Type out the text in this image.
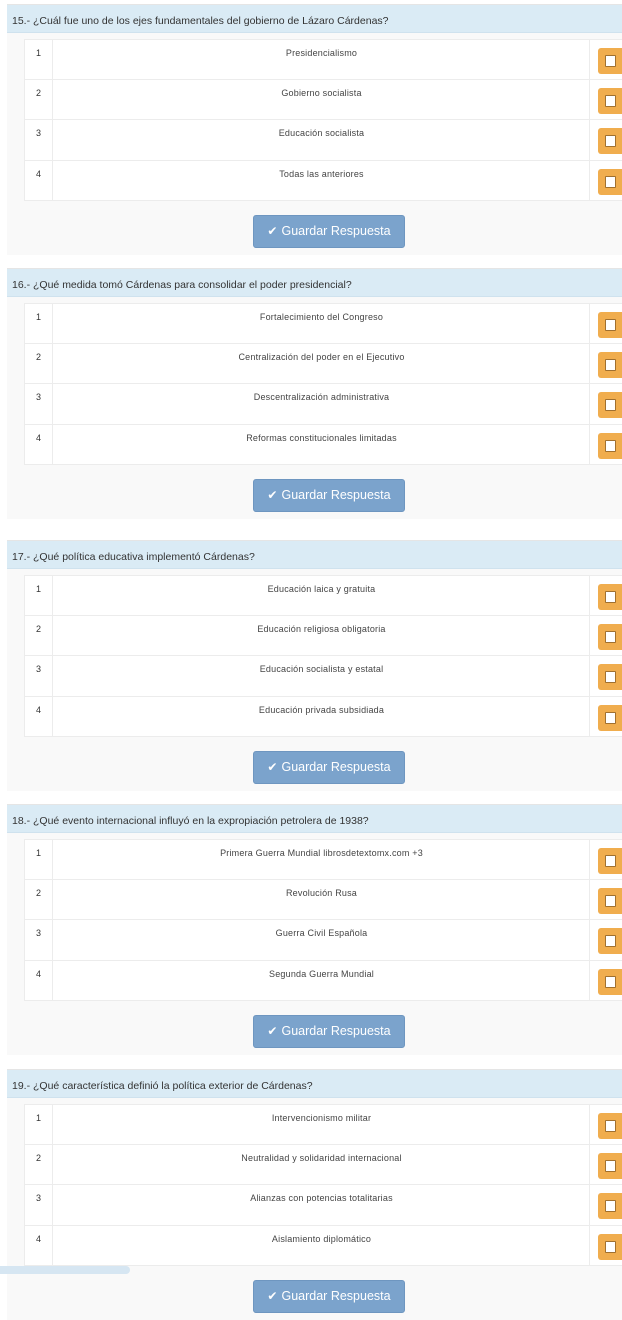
15.- ¿Cuál fue uno de los ejes fundamentales del gobierno de Lázaro Cárdenas?
1	Presidencialismo
2	Gobierno socialista
3	Educación socialista
4	Todas las anteriores
✔ Guardar Respuesta
16.- ¿Qué medida tomó Cárdenas para consolidar el poder presidencial?
1	Fortalecimiento del Congreso
2	Centralización del poder en el Ejecutivo
3	Descentralización administrativa
4	Reformas constitucionales limitadas
✔ Guardar Respuesta
17.- ¿Qué política educativa implementó Cárdenas?
1	Educación laica y gratuita
2	Educación religiosa obligatoria
3	Educación socialista y estatal
4	Educación privada subsidiada
✔ Guardar Respuesta
18.- ¿Qué evento internacional influyó en la expropiación petrolera de 1938?
1	Primera Guerra Mundial librosdetextomx.com +3
2	Revolución Rusa
3	Guerra Civil Española
4	Segunda Guerra Mundial
✔ Guardar Respuesta
19.- ¿Qué característica definió la política exterior de Cárdenas?
1	Intervencionismo militar
2	Neutralidad y solidaridad internacional
3	Alianzas con potencias totalitarias
4	Aislamiento diplomático
✔ Guardar Respuesta
